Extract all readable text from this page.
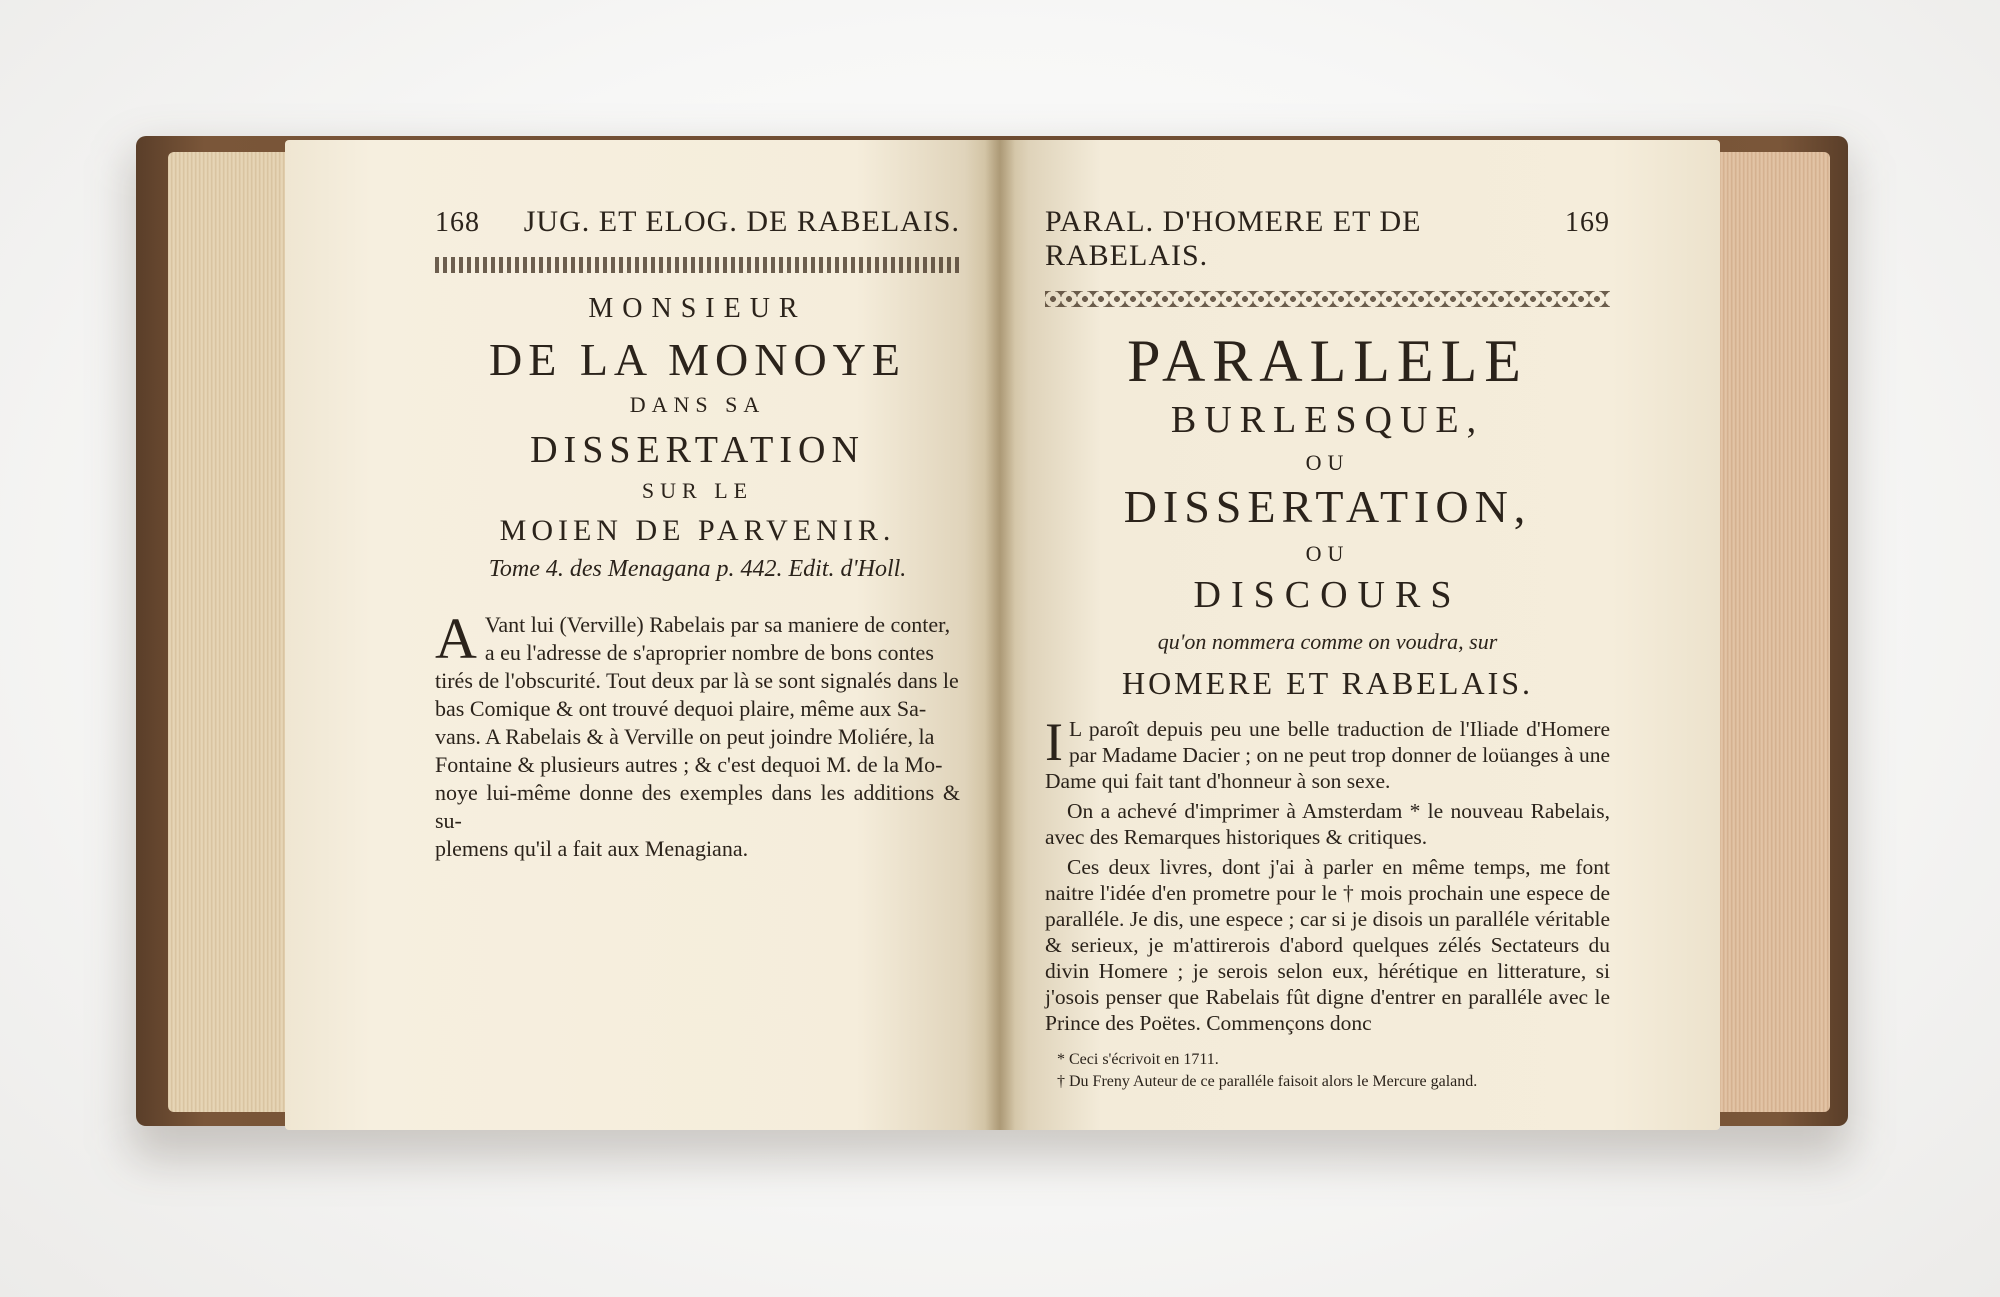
168 JUG. ET ELOG. DE RABELAIS.
MONSIEUR
DE LA MONOYE
DANS SA
DISSERTATION
SUR LE
MOIEN DE PARVENIR.
Tome 4. des Menagana p. 442. Edit. d'Holl.
A Vant lui (Verville) Rabelais par sa maniere de conter,
a eu l'adresse de s'aproprier nombre de bons contes
tirés de l'obscurité. Tout deux par là se sont signalés dans le
bas Comique & ont trouvé dequoi plaire, même aux Sa-
vans. A Rabelais & à Verville on peut joindre Moliére, la
Fontaine & plusieurs autres ; & c'est dequoi M. de la Mo-
noye lui-même donne des exemples dans les additions & su-
plemens qu'il a fait aux Menagiana.
PARAL. D'HOMERE ET DE RABELAIS.
169
PARALLELE
BURLESQUE,
OU
DISSERTATION,
OU
DISCOURS
qu'on nommera comme on voudra, sur
HOMERE ET RABELAIS.

I L paroît depuis peu une belle traduction de l'Iliade d'Homere par Madame Dacier ; on ne peut trop donner de loüanges à une Dame qui fait tant d'honneur à son sexe.

On a achevé d'imprimer à Amsterdam * le nouveau Rabelais, avec des Remarques historiques & critiques.

Ces deux livres, dont j'ai à parler en même temps, me font naitre l'idée d'en prometre pour le † mois prochain une espece de paralléle. Je dis, une espece ; car si je disois un paralléle véritable & serieux, je m'attirerois d'abord quelques zélés Sectateurs du divin Homere ; je serois selon eux, hérétique en litterature, si j'osois penser que Rabelais fût digne d'entrer en paralléle avec le Prince des Poëtes. Commençons donc

* Ceci s'écrivoit en 1711.
† Du Freny Auteur de ce paralléle faisoit alors le Mercure galand.
